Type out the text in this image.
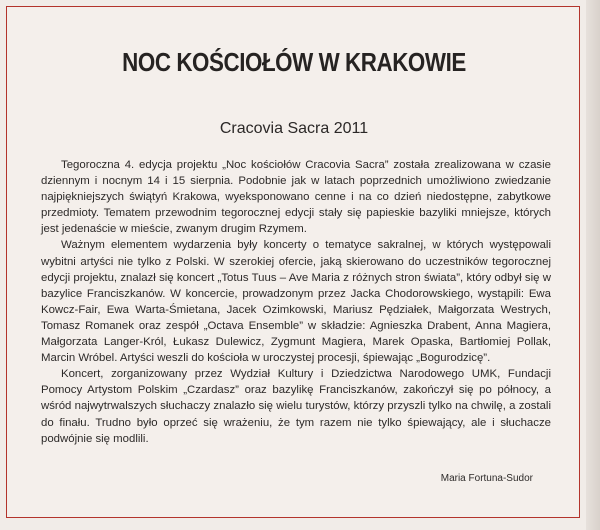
NOC KOŚCIOŁÓW W KRAKOWIE
Cracovia Sacra 2011

Tegoroczna 4. edycja projektu „Noc kościołów Cracovia Sacra” została zrealizowana w czasie dziennym i nocnym 14 i 15 sierpnia. Podobnie jak w latach poprzednich umożliwiono zwiedzanie najpiękniejszych świątyń Krakowa, wyeksponowano cenne i na co dzień niedostępne, zabytkowe przedmioty. Tematem przewodnim tegorocznej edycji stały się papieskie bazyliki mniejsze, których jest jedenaście w mieście, zwanym drugim Rzymem.

Ważnym elementem wydarzenia były koncerty o tematyce sakralnej, w których występowali wybitni artyści nie tylko z Polski. W szerokiej ofercie, jaką skierowano do uczestników tegorocznej edycji projektu, znalazł się koncert „Totus Tuus – Ave Maria z różnych stron świata”, który odbył się w bazylice Franciszkanów. W koncercie, prowadzonym przez Jacka Chodorowskiego, wystąpili: Ewa Kowcz-Fair, Ewa Warta-Śmietana, Jacek Ozimkowski, Mariusz Pędziałek, Małgorzata Westrych, Tomasz Romanek oraz zespół „Octava Ensemble” w składzie: Agnieszka Drabent, Anna Magiera, Małgorzata Langer-Król, Łukasz Dulewicz, Zygmunt Magiera, Marek Opaska, Bartłomiej Pollak, Marcin Wróbel. Artyści weszli do kościoła w uroczystej procesji, śpiewając „Bogurodzicę”.

Koncert, zorganizowany przez Wydział Kultury i Dziedzictwa Narodowego UMK, Fundacji Pomocy Artystom Polskim „Czardasz” oraz bazylikę Franciszkanów, zakończył się po północy, a wśród najwytrwalszych słuchaczy znalazło się wielu turystów, którzy przyszli tylko na chwilę, a zostali do finału. Trudno było oprzeć się wrażeniu, że tym razem nie tylko śpiewający, ale i słuchacze podwójnie się modlili.

Maria Fortuna-Sudor
